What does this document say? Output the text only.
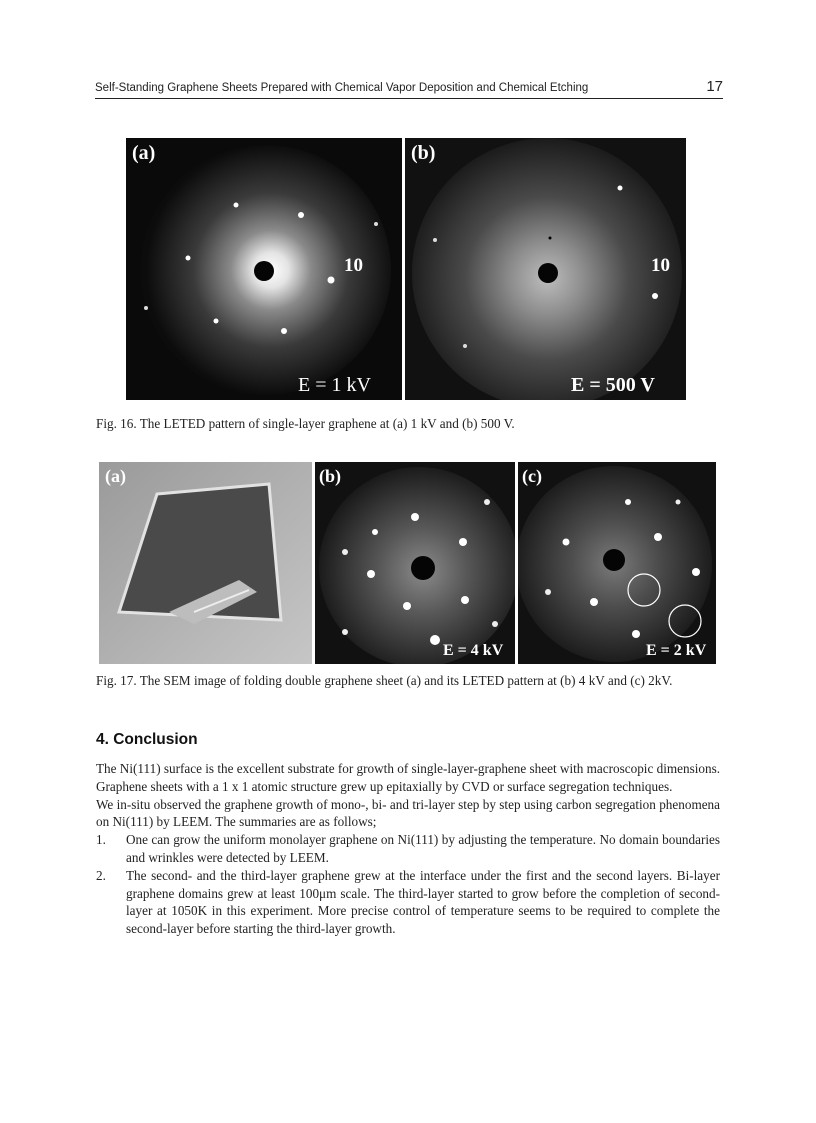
Self-Standing Graphene Sheets Prepared with Chemical Vapor Deposition and Chemical Etching	17
(a)
10
E = 1 kV
(b)
10
E = 500 V
Fig. 16. The LETED pattern of single-layer graphene at (a) 1 kV and (b) 500 V.
(a)	(b)
E = 4 kV
(c)
E = 2 kV
Fig. 17. The SEM image of folding double graphene sheet (a) and its LETED pattern at (b) 4 kV and (c) 2kV.
4. Conclusion

The Ni(111) surface is the excellent substrate for growth of single-layer-graphene sheet with macroscopic dimensions. Graphene sheets with a 1 x 1 atomic structure grew up epitaxially by CVD or surface segregation techniques.

We in-situ observed the graphene growth of mono-, bi- and tri-layer step by step using carbon segregation phenomena on Ni(111) by LEEM. The summaries are as follows;

1. One can grow the uniform monolayer graphene on Ni(111) by adjusting the temperature. No domain boundaries and wrinkles were detected by LEEM.
2. The second- and the third-layer graphene grew at the interface under the first and the second layers. Bi-layer graphene domains grew at least 100μm scale. The third-layer started to grow before the completion of second-layer at 1050K in this experiment. More precise control of temperature seems to be required to complete the second-layer before starting the third-layer growth.
